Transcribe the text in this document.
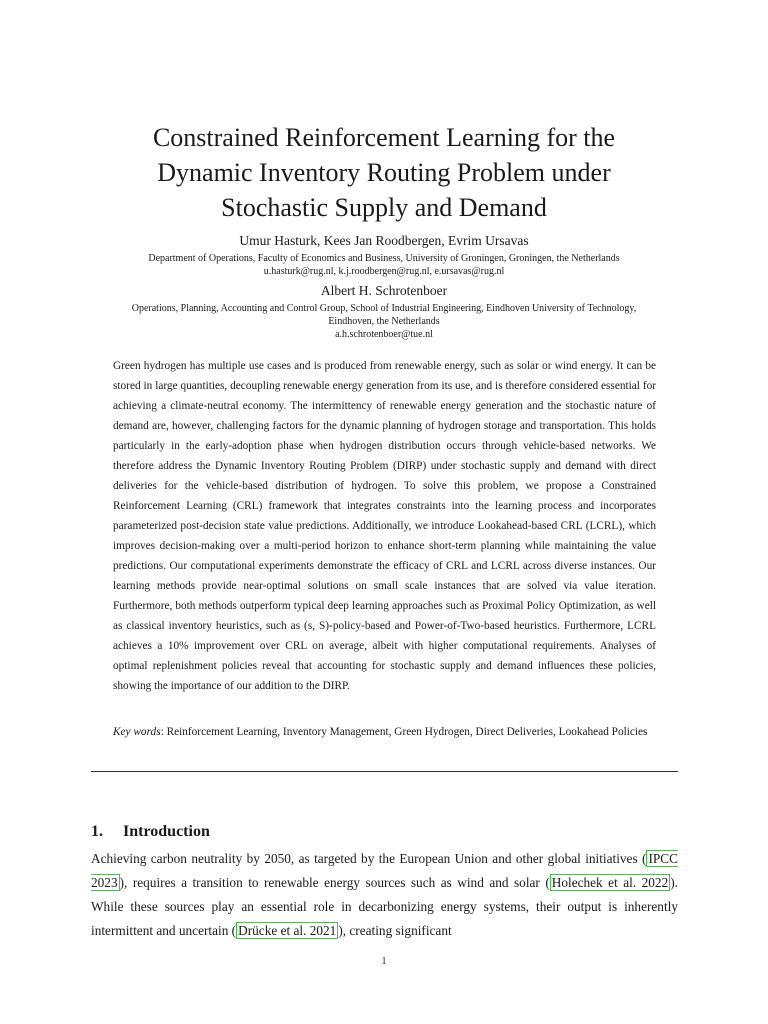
Constrained Reinforcement Learning for the
Dynamic Inventory Routing Problem under
Stochastic Supply and Demand
Umur Hasturk, Kees Jan Roodbergen, Evrim Ursavas
Department of Operations, Faculty of Economics and Business, University of Groningen, Groningen, the Netherlands
u.hasturk@rug.nl, k.j.roodbergen@rug.nl, e.ursavas@rug.nl
Albert H. Schrotenboer
Operations, Planning, Accounting and Control Group, School of Industrial Engineering, Eindhoven University of Technology,
Eindhoven, the Netherlands
a.h.schrotenboer@tue.nl

Green hydrogen has multiple use cases and is produced from renewable energy, such as solar or wind energy. It can be stored in large quantities, decoupling renewable energy generation from its use, and is therefore considered essential for achieving a climate-neutral economy. The intermittency of renewable energy generation and the stochastic nature of demand are, however, challenging factors for the dynamic planning of hydrogen storage and transportation. This holds particularly in the early-adoption phase when hydrogen distribution occurs through vehicle-based networks. We therefore address the Dynamic Inventory Routing Problem (DIRP) under stochastic supply and demand with direct deliveries for the vehicle-based distribution of hydrogen. To solve this problem, we propose a Constrained Reinforcement Learning (CRL) framework that integrates constraints into the learning process and incorporates parameterized post-decision state value predictions. Additionally, we introduce Lookahead-based CRL (LCRL), which improves decision-making over a multi-period horizon to enhance short-term planning while maintaining the value predictions. Our computational experiments demonstrate the efficacy of CRL and LCRL across diverse instances. Our learning methods provide near-optimal solutions on small scale instances that are solved via value iteration. Furthermore, both methods outperform typical deep learning approaches such as Proximal Policy Optimization, as well as classical inventory heuristics, such as (s, S)-policy-based and Power-of-Two-based heuristics. Furthermore, LCRL achieves a 10% improvement over CRL on average, albeit with higher computational requirements. Analyses of optimal replenishment policies reveal that accounting for stochastic supply and demand influences these policies, showing the importance of our addition to the DIRP.

Key words: Reinforcement Learning, Inventory Management, Green Hydrogen, Direct Deliveries, Lookahead Policies
1. Introduction

Achieving carbon neutrality by 2050, as targeted by the European Union and other global initiatives ( IPCC 2023 ), requires a transition to renewable energy sources such as wind and solar ( Holechek et al. 2022 ). While these sources play an essential role in decarbonizing energy systems, their output is inherently intermittent and uncertain ( Drücke et al. 2021 ), creating significant

1
